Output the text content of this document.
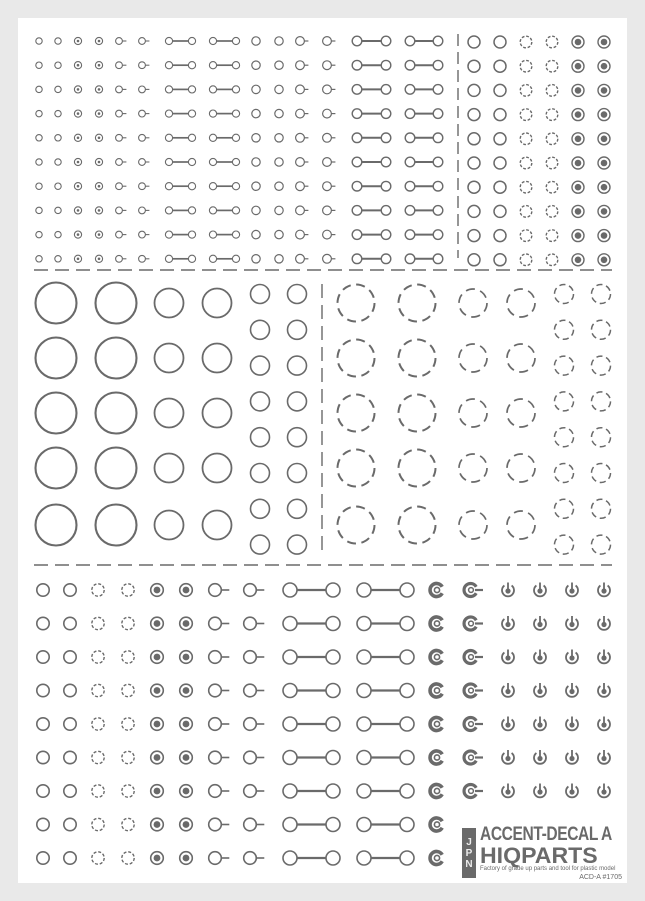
J
P
N
ACCENT-DECAL A
HIQPARTS
Factory of grade up parts and tool for plastic model
ACD-A #1705
